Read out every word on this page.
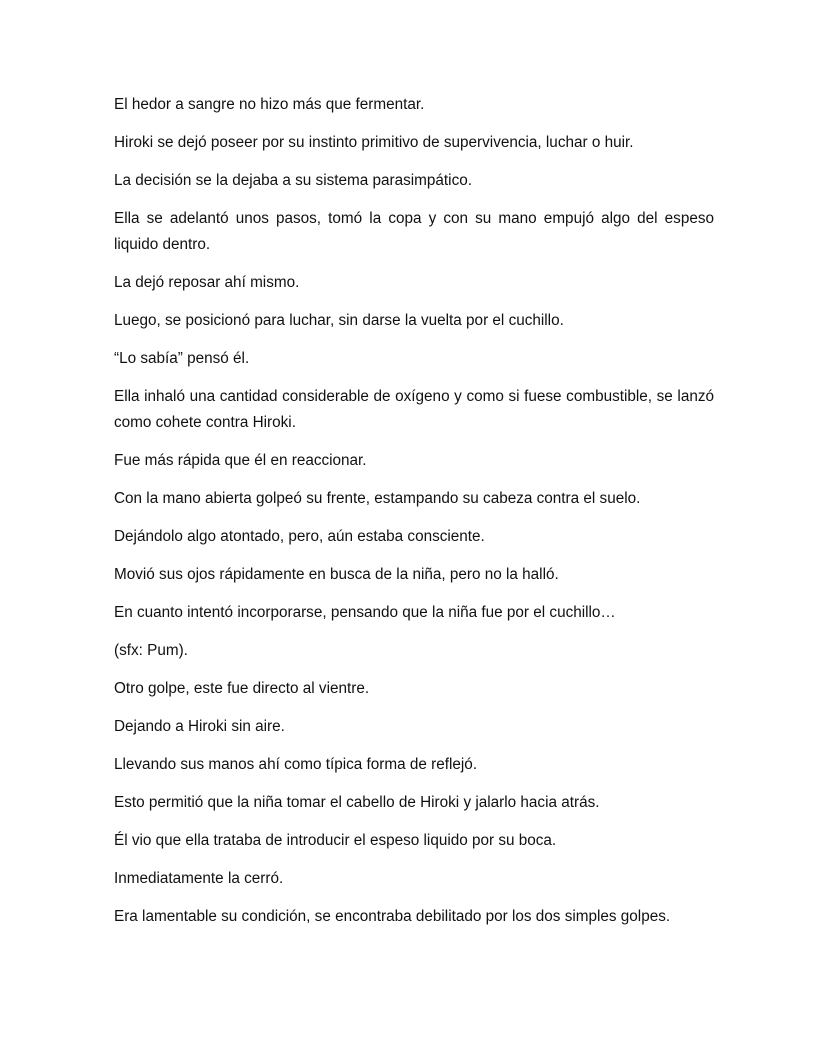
El hedor a sangre no hizo más que fermentar.

Hiroki se dejó poseer por su instinto primitivo de supervivencia, luchar o huir.

La decisión se la dejaba a su sistema parasimpático.

Ella se adelantó unos pasos, tomó la copa y con su mano empujó algo del espeso liquido dentro.

La dejó reposar ahí mismo.

Luego, se posicionó para luchar, sin darse la vuelta por el cuchillo.

“Lo sabía” pensó él.

Ella inhaló una cantidad considerable de oxígeno y como si fuese combustible, se lanzó como cohete contra Hiroki.

Fue más rápida que él en reaccionar.

Con la mano abierta golpeó su frente, estampando su cabeza contra el suelo.

Dejándolo algo atontado, pero, aún estaba consciente.

Movió sus ojos rápidamente en busca de la niña, pero no la halló.

En cuanto intentó incorporarse, pensando que la niña fue por el cuchillo…

(sfx: Pum).

Otro golpe, este fue directo al vientre.

Dejando a Hiroki sin aire.

Llevando sus manos ahí como típica forma de reflejó.

Esto permitió que la niña tomar el cabello de Hiroki y jalarlo hacia atrás.

Él vio que ella trataba de introducir el espeso liquido por su boca.

Inmediatamente la cerró.

Era lamentable su condición, se encontraba debilitado por los dos simples golpes.
